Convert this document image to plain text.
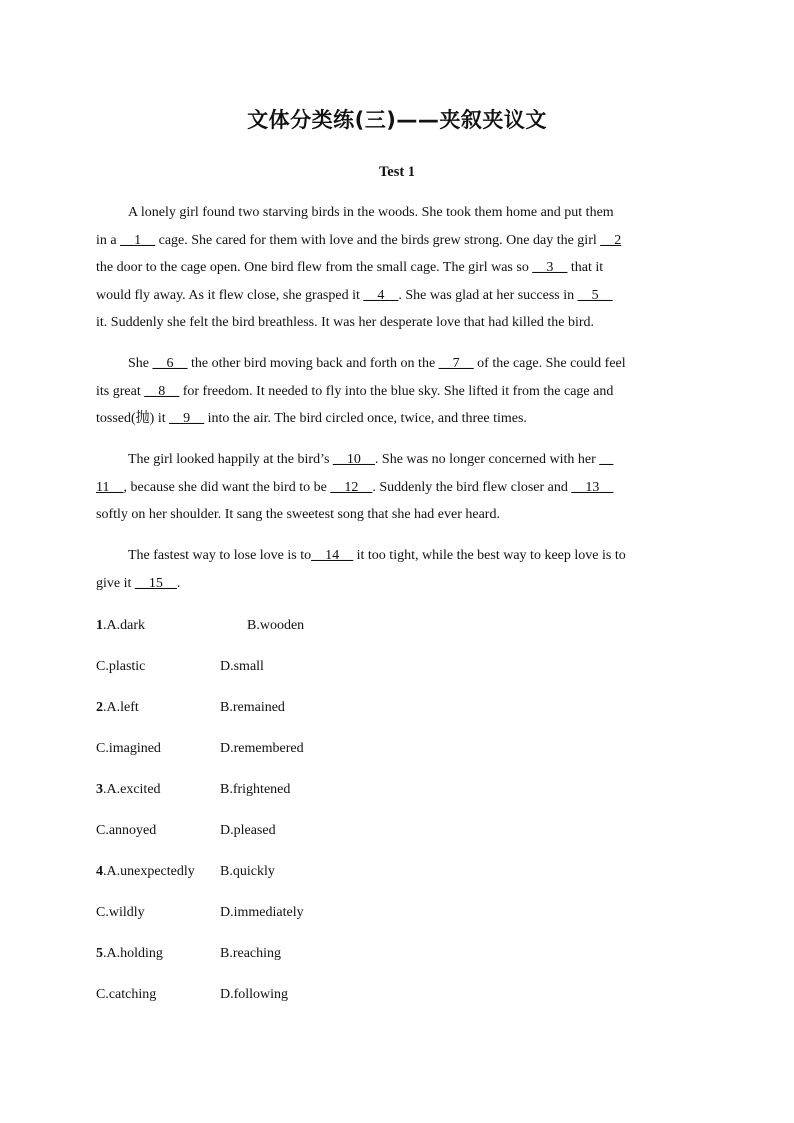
文体分类练(三)——夹叙夹议文
Test 1

A lonely girl found two starving birds in the woods. She took them home and put them
in a __1__ cage. She cared for them with love and the birds grew strong. One day the girl __2
the door to the cage open. One bird flew from the small cage. The girl was so __3__ that it
would fly away. As it flew close, she grasped it __4__. She was glad at her success in __5__
it. Suddenly she felt the bird breathless. It was her desperate love that had killed the bird.

She __6__ the other bird moving back and forth on the __7__ of the cage. She could feel
its great __8__ for freedom. It needed to fly into the blue sky. She lifted it from the cage and
tossed(抛) it __9__ into the air. The bird circled once, twice, and three times.

The girl looked happily at the bird’s __10__. She was no longer concerned with her __
11__, because she did want the bird to be __12__. Suddenly the bird flew closer and __13__
softly on her shoulder. It sang the sweetest song that she had ever heard.

The fastest way to lose love is to__14__ it too tight, while the best way to keep love is to
give it __15__.

1.A.dark	B.wooden
C.plastic	D.small
2.A.left	B.remained
C.imagined	D.remembered
3.A.excited	B.frightened
C.annoyed	D.pleased
4.A.unexpectedly B.quickly
C.wildly	D.immediately
5.A.holding	B.reaching
C.catching	D.following
